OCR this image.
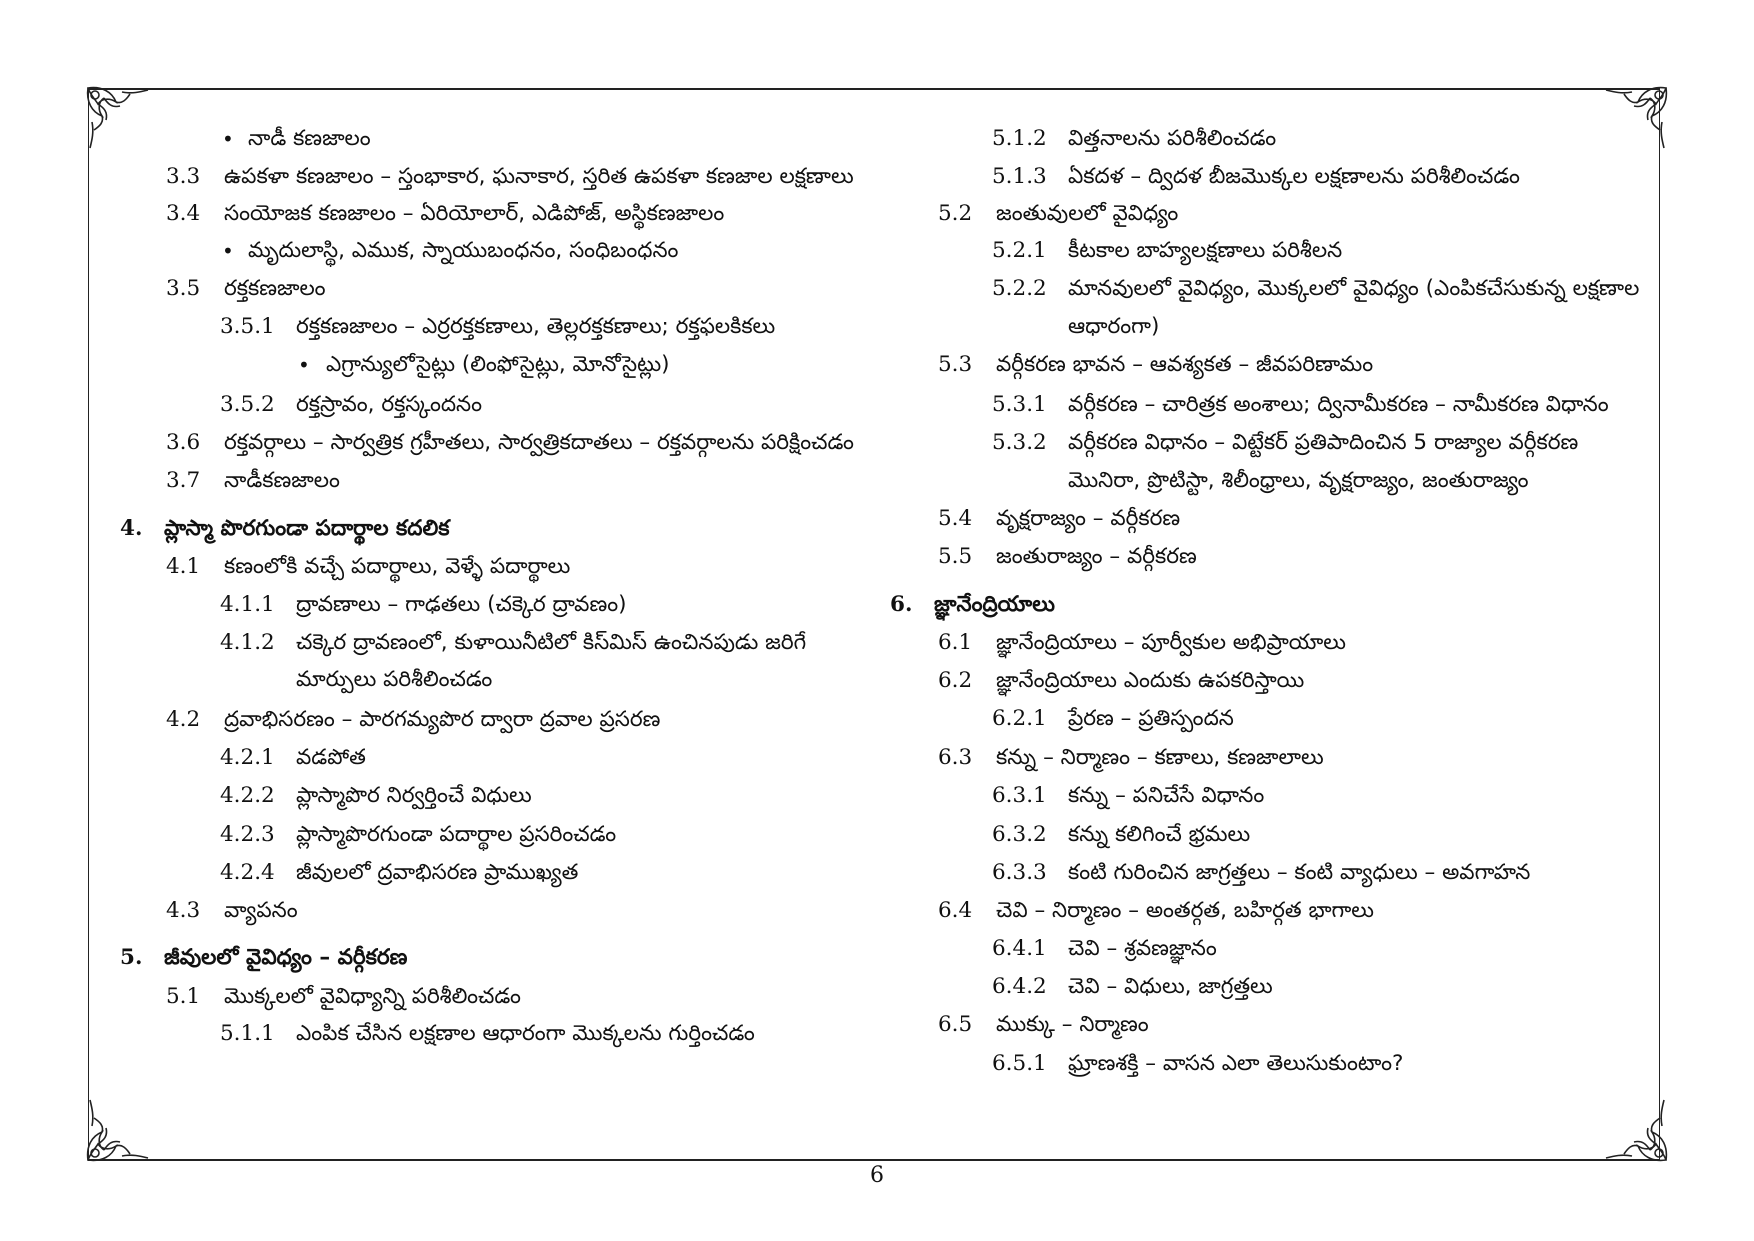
• నాడీ కణజాలం
3.3 ఉపకళా కణజాలం – స్తంభాకార, ఘనాకార, స్తరిత ఉపకళా కణజాల లక్షణాలు
3.4 సంయోజక కణజాలం – ఏరియోలార్, ఎడిపోజ్, అస్థికణజాలం
• మృదులాస్థి, ఎముక, స్నాయుబంధనం, సంధిబంధనం
3.5 రక్తకణజాలం
3.5.1 రక్తకణజాలం – ఎర్రరక్తకణాలు, తెల్లరక్తకణాలు; రక్తఫలకికలు
• ఎగ్రాన్యులోసైట్లు (లింఫోసైట్లు, మోనోసైట్లు)
3.5.2 రక్తస్రావం, రక్తస్కందనం
3.6 రక్తవర్గాలు – సార్వత్రిక గ్రహీతలు, సార్వత్రికదాతలు – రక్తవర్గాలను పరిక్షించడం
3.7 నాడీకణజాలం
4. ప్లాస్మా పొరగుండా పదార్థాల కదలిక
4.1 కణంలోకి వచ్చే పదార్థాలు, వెళ్ళే పదార్థాలు
4.1.1 ద్రావణాలు – గాఢతలు (చక్కెర ద్రావణం)
4.1.2 చక్కెర ద్రావణంలో, కుళాయినీటిలో కిస్‌మిస్ ఉంచినపుడు జరిగే
మార్పులు పరిశీలించడం
4.2 ద్రవాభిసరణం – పారగమ్యపొర ద్వారా ద్రవాల ప్రసరణ
4.2.1 వడపోత
4.2.2 ప్లాస్మాపొర నిర్వర్తించే విధులు
4.2.3 ప్లాస్మాపొరగుండా పదార్థాల ప్రసరించడం
4.2.4 జీవులలో ద్రవాభిసరణ ప్రాముఖ్యత
4.3 వ్యాపనం
5. జీవులలో వైవిధ్యం – వర్గీకరణ
5.1 మొక్కలలో వైవిధ్యాన్ని పరిశీలించడం
5.1.1 ఎంపిక చేసిన లక్షణాల ఆధారంగా మొక్కలను గుర్తించడం
5.1.2 విత్తనాలను పరిశీలించడం
5.1.3 ఏకదళ – ద్విదళ బీజమొక్కల లక్షణాలను పరిశీలించడం
5.2 జంతువులలో వైవిధ్యం
5.2.1 కీటకాల బాహ్యలక్షణాలు పరిశీలన
5.2.2 మానవులలో వైవిధ్యం, మొక్కలలో వైవిధ్యం (ఎంపికచేసుకున్న లక్షణాల
ఆధారంగా)
5.3 వర్గీకరణ భావన – ఆవశ్యకత – జీవపరిణామం
5.3.1 వర్గీకరణ – చారిత్రక అంశాలు; ద్వినామీకరణ – నామీకరణ విధానం
5.3.2 వర్గీకరణ విధానం – విట్టేకర్ ప్రతిపాదించిన 5 రాజ్యాల వర్గీకరణ
మొనిరా, ప్రొటిస్టా, శిలీంధ్రాలు, వృక్షరాజ్యం, జంతురాజ్యం
5.4 వృక్షరాజ్యం – వర్గీకరణ
5.5 జంతురాజ్యం – వర్గీకరణ
6. జ్ఞానేంద్రియాలు
6.1 జ్ఞానేంద్రియాలు – పూర్వీకుల అభిప్రాయాలు
6.2 జ్ఞానేంద్రియాలు ఎందుకు ఉపకరిస్తాయి
6.2.1 ప్రేరణ – ప్రతిస్పందన
6.3 కన్ను – నిర్మాణం – కణాలు, కణజాలాలు
6.3.1 కన్ను – పనిచేసే విధానం
6.3.2 కన్ను కలిగించే భ్రమలు
6.3.3 కంటి గురించిన జాగ్రత్తలు – కంటి వ్యాధులు – అవగాహన
6.4 చెవి – నిర్మాణం – అంతర్గత, బహిర్గత భాగాలు
6.4.1 చెవి – శ్రవణజ్ఞానం
6.4.2 చెవి – విధులు, జాగ్రత్తలు
6.5 ముక్కు – నిర్మాణం
6.5.1 ఘ్రాణశక్తి – వాసన ఎలా తెలుసుకుంటాం?
6
